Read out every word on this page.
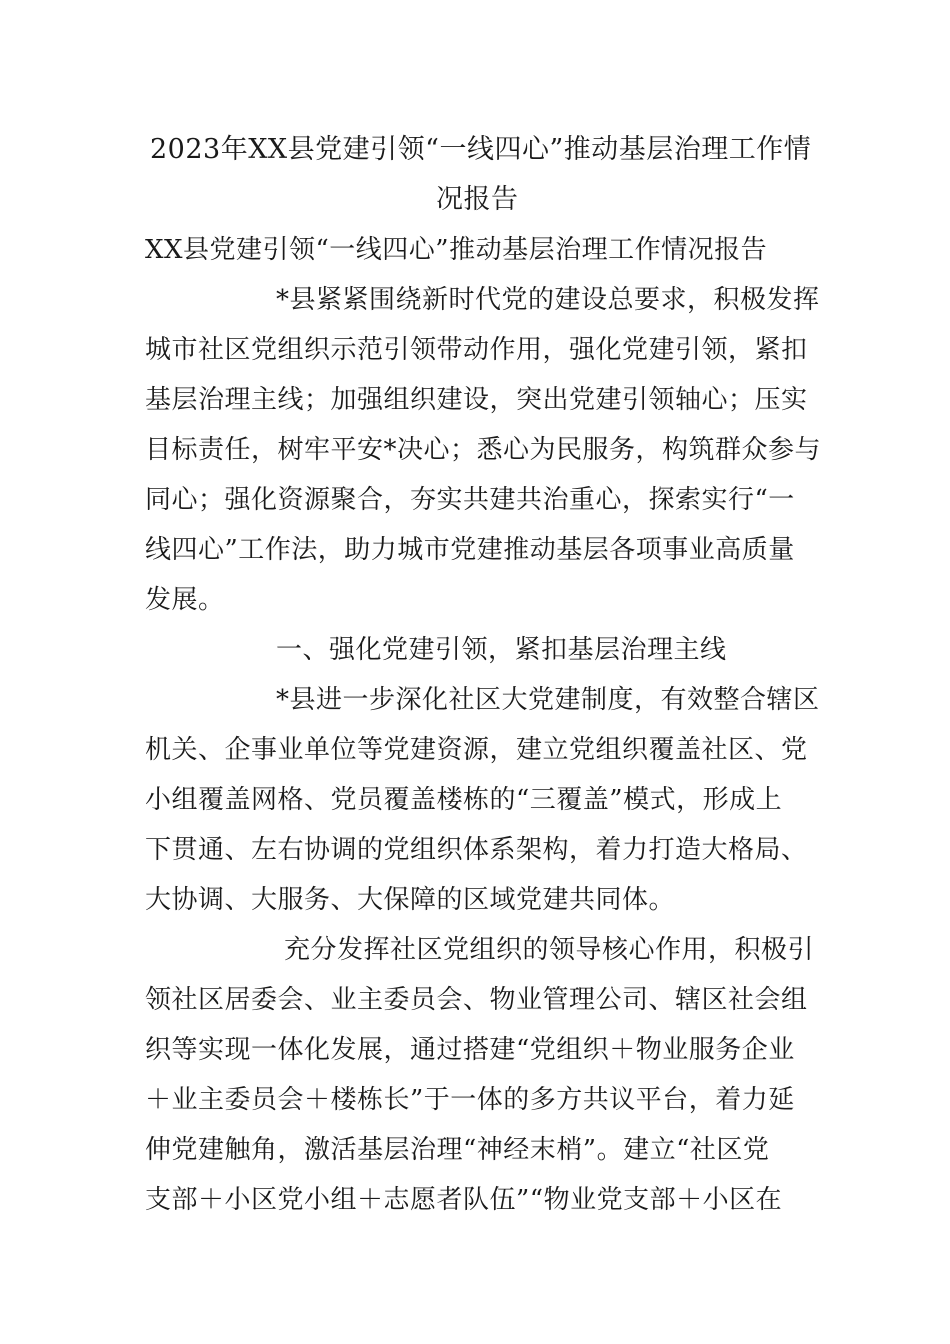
2023年XX县党建引领“一线四心”推动基层治理工作情
况报告
XX县党建引领“一线四心”推动基层治理工作情况报告
*县紧紧围绕新时代党的建设总要求，积极发挥
城市社区党组织示范引领带动作用，强化党建引领，紧扣
基层治理主线；加强组织建设，突出党建引领轴心；压实
目标责任，树牢平安*决心；悉心为民服务，构筑群众参与
同心；强化资源聚合，夯实共建共治重心，探索实行“一
线四心”工作法，助力城市党建推动基层各项事业高质量
发展。
一、强化党建引领，紧扣基层治理主线
*县进一步深化社区大党建制度，有效整合辖区
机关、企事业单位等党建资源，建立党组织覆盖社区、党
小组覆盖网格、党员覆盖楼栋的“三覆盖”模式，形成上
下贯通、左右协调的党组织体系架构，着力打造大格局、
大协调、大服务、大保障的区域党建共同体。
充分发挥社区党组织的领导核心作用，积极引
领社区居委会、业主委员会、物业管理公司、辖区社会组
织等实现一体化发展，通过搭建“党组织＋物业服务企业
＋业主委员会＋楼栋长”于一体的多方共议平台，着力延
伸党建触角，激活基层治理“神经末梢”。建立“社区党
支部＋小区党小组＋志愿者队伍”“物业党支部＋小区在
